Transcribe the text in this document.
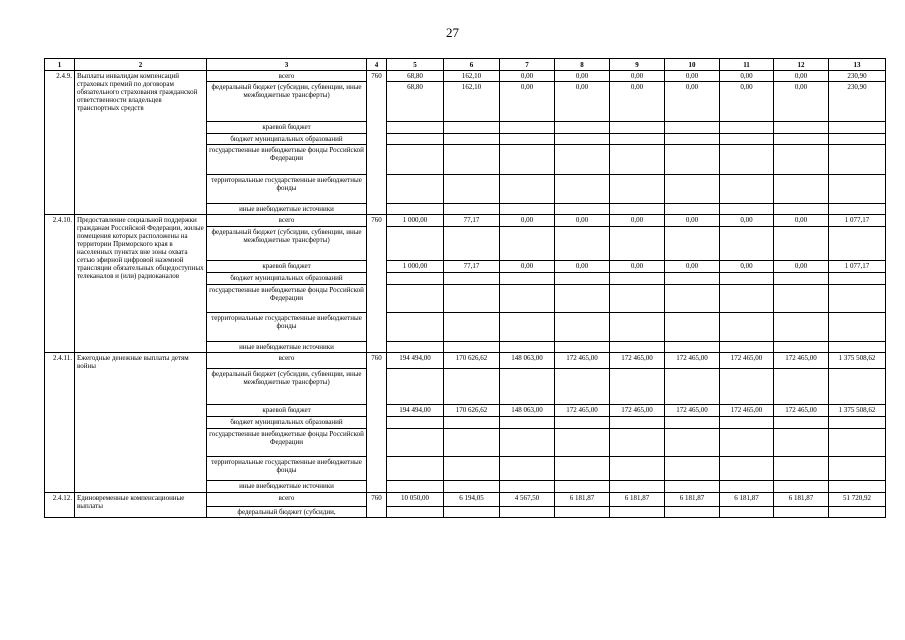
27
1	2	3	4	5	6	7	8	9	10	11	12	13
2.4.9.	Выплаты инвалидам компенсаций страховых премий по договорам обязательного страхования гражданской ответственности владельцев транспортных средств	всего	760	68,80	162,10	0,00	0,00	0,00	0,00	0,00	0,00	230,90
		федеральный бюджет (субсидии, субвенции, иные межбюджетные трансферты)		68,80	162,10	0,00	0,00	0,00	0,00	0,00	0,00	230,90
		краевой бюджет										
		бюджет муниципальных образований										
		государственные внебюджетные фонды Российской Федерации										
		территориальные государственные внебюджетные фонды										
		иные внебюджетные источники										
2.4.10.	Предоставление социальной поддержки гражданам Российской Федерации, жилые помещения которых расположены на территории Приморского края в населенных пунктах вне зоны охвата сетью эфирной цифровой наземной трансляции обязательных общедоступных телеканалов и (или) радиоканалов	всего	760	1 000,00	77,17	0,00	0,00	0,00	0,00	0,00	0,00	1 077,17
		федеральный бюджет (субсидии, субвенции, иные межбюджетные трансферты)										
		краевой бюджет		1 000,00	77,17	0,00	0,00	0,00	0,00	0,00	0,00	1 077,17
		бюджет муниципальных образований										
		государственные внебюджетные фонды Российской Федерации										
		территориальные государственные внебюджетные фонды										
		иные внебюджетные источники										
2.4.11.	Ежегодные денежные выплаты детям войны	всего	760	194 494,00	170 626,62	148 063,00	172 465,00	172 465,00	172 465,00	172 465,00	172 465,00	1 375 508,62
		федеральный бюджет (субсидии, субвенции, иные межбюджетные трансферты)										
		краевой бюджет		194 494,00	170 626,62	148 063,00	172 465,00	172 465,00	172 465,00	172 465,00	172 465,00	1 375 508,62
		бюджет муниципальных образований										
		государственные внебюджетные фонды Российской Федерации										
		территориальные государственные внебюджетные фонды										
		иные внебюджетные источники										
2.4.12.	Единовременные компенсационные выплаты	всего	760	10 050,00	6 194,05	4 567,50	6 181,87	6 181,87	6 181,87	6 181,87	6 181,87	51 720,92
		федеральный бюджет (субсидии,										
